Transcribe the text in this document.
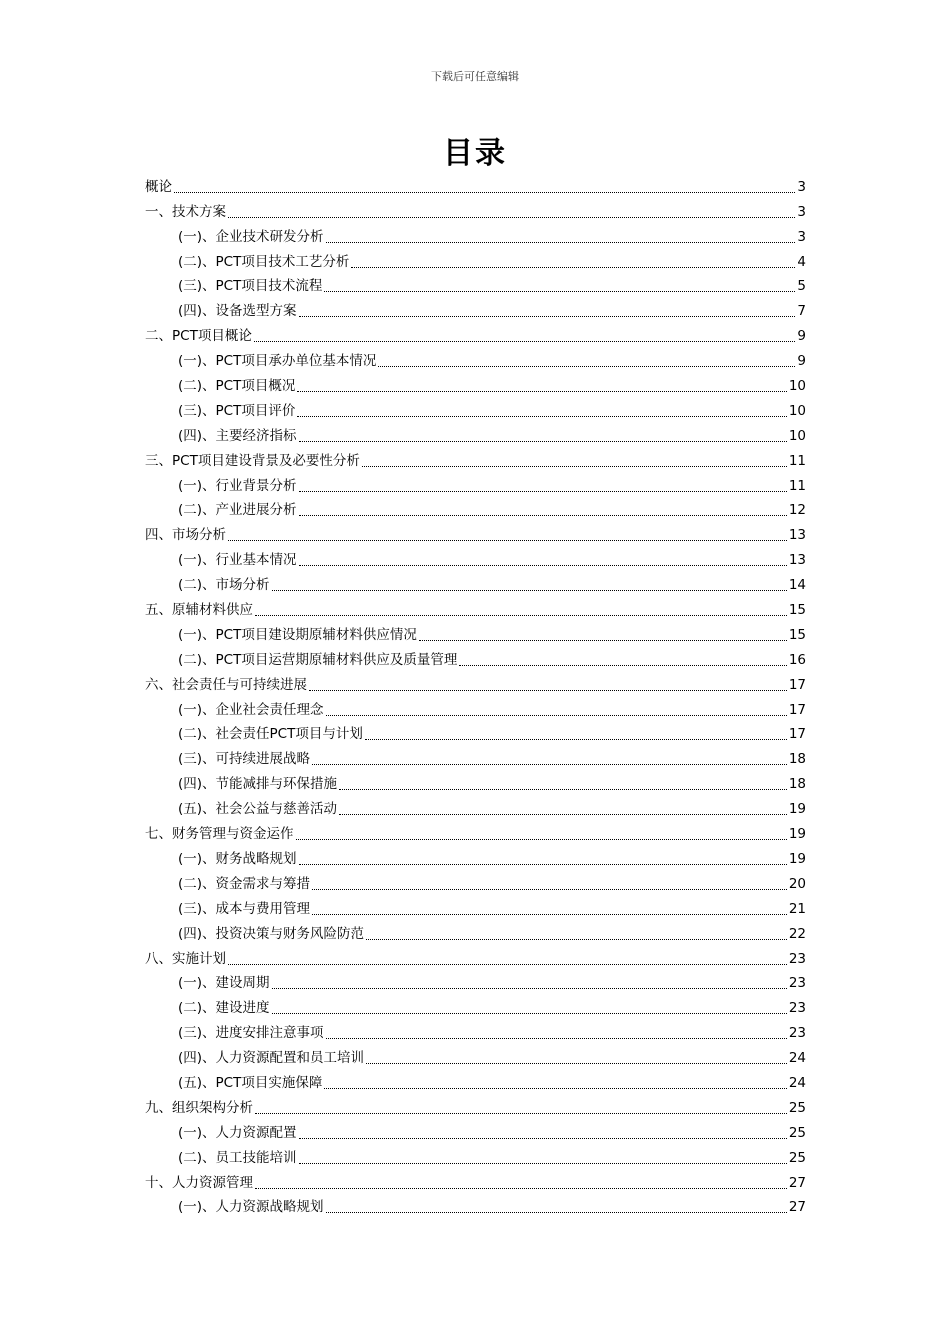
下载后可任意编辑
目录
概论	3
一、技术方案	3
(一)、企业技术研发分析	3
(二)、PCT项目技术工艺分析	4
(三)、PCT项目技术流程	5
(四)、设备选型方案	7
二、PCT项目概论	9
(一)、PCT项目承办单位基本情况	9
(二)、PCT项目概况	10
(三)、PCT项目评价	10
(四)、主要经济指标	10
三、PCT项目建设背景及必要性分析	11
(一)、行业背景分析	11
(二)、产业进展分析	12
四、市场分析	13
(一)、行业基本情况	13
(二)、市场分析	14
五、原辅材料供应	15
(一)、PCT项目建设期原辅材料供应情况	15
(二)、PCT项目运营期原辅材料供应及质量管理	16
六、社会责任与可持续进展	17
(一)、企业社会责任理念	17
(二)、社会责任PCT项目与计划	17
(三)、可持续进展战略	18
(四)、节能减排与环保措施	18
(五)、社会公益与慈善活动	19
七、财务管理与资金运作	19
(一)、财务战略规划	19
(二)、资金需求与筹措	20
(三)、成本与费用管理	21
(四)、投资决策与财务风险防范	22
八、实施计划	23
(一)、建设周期	23
(二)、建设进度	23
(三)、进度安排注意事项	23
(四)、人力资源配置和员工培训	24
(五)、PCT项目实施保障	24
九、组织架构分析	25
(一)、人力资源配置	25
(二)、员工技能培训	25
十、人力资源管理	27
(一)、人力资源战略规划	27
